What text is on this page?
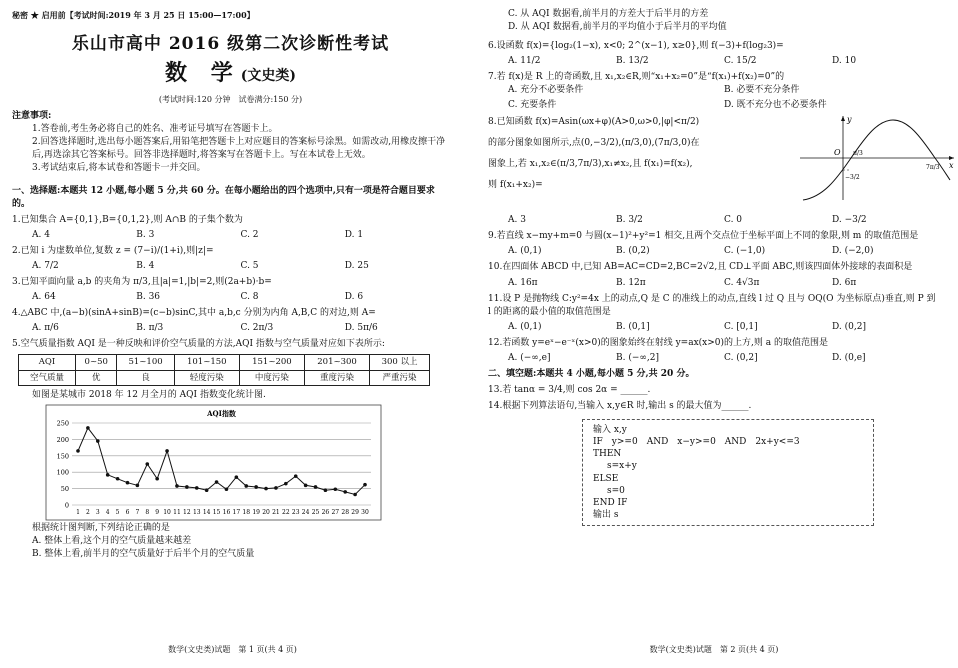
秘密 ★ 启用前【考试时间:2019 年 3 月 25 日 15:00—17:00】

乐山市高中 2016 级第二次诊断性考试
数 学(文史类)

(考试时间:120 分钟　试卷满分:150 分)

注意事项:

1.答卷前,考生务必将自己的姓名、准考证号填写在答题卡上。

2.回答选择题时,选出每小题答案后,用铅笔把答题卡上对应题目的答案标号涂黑。如需改动,用橡皮擦干净后,再选涂其它答案标号。回答非选择题时,将答案写在答题卡上。写在本试卷上无效。

3.考试结束后,将本试卷和答题卡一并交回。

一、选择题:本题共 12 小题,每小题 5 分,共 60 分。在每小题给出的四个选项中,只有一项是符合题目要求的。

1.已知集合 A={0,1},B={0,1,2},则 A∩B 的子集个数为

A. 4	B. 3	C. 2	D. 1

2.已知 i 为虚数单位,复数 z = (7−i)/(1+i),则|z|=

A. 7/2	B. 4	C. 5	D. 25

3.已知平面向量 a,b 的夹角为 π/3,且|a|=1,|b|=2,则(2a+b)·b=

A. 64	B. 36	C. 8	D. 6

4.△ABC 中,(a−b)(sinA+sinB)=(c−b)sinC,其中 a,b,c 分别为内角 A,B,C 的对边,则 A=

A. π/6	B. π/3	C. 2π/3	D. 5π/6

5.空气质量指数 AQI 是一种反映和评价空气质量的方法,AQI 指数与空气质量对应如下表所示:

AQI	0~50	51~100	101~150	151~200	201~300	300 以上
空气质量	优	良	轻度污染	中度污染	重度污染	严重污染

如图是某城市 2018 年 12 月全月的 AQI 指数变化统计图.

AQI指数
0
50
100
150
200
250
1 2 3 4 5 6 7 8 9 10 11 12 13 14 15 16 17 18 19 20 21 22 23 24 25 26 27 28 29 30

根据统计图判断,下列结论正确的是

A. 整体上看,这个月的空气质量越来越差

B. 整体上看,前半月的空气质量好于后半个月的空气质量

数学(文史类)试题　第 1 页(共 4 页)

C. 从 AQI 数据看,前半月的方差大于后半月的方差

D. 从 AQI 数据看,前半月的平均值小于后半月的平均值

6.设函数 f(x)={log₂(1−x), x<0; 2^(x−1), x≥0},则 f(−3)+f(log₂3)=

A. 11/2	B. 13/2	C. 15/2	D. 10

7.若 f(x)是 R 上的奇函数,且 x₁,x₂∈R,则“x₁+x₂=0”是“f(x₁)+f(x₂)=0”的

A. 充分不必要条件	B. 必要不充分条件
C. 充要条件	D. 既不充分也不必要条件

8.已知函数 f(x)=Asin(ωx+φ)(A>0,ω>0,|φ|<π/2)

的部分图象如图所示,点(0,−3/2),(π/3,0),(7π/3,0)在

图象上,若 x₁,x₂∈(π/3,7π/3),x₁≠x₂,且 f(x₁)=f(x₂),

则 f(x₁+x₂)=

y
x
O π/3
7π/3
−3/2
A. 3	B. 3/2	C. 0	D. −3/2

9.若直线 x−my+m=0 与圆(x−1)²+y²=1 相交,且两个交点位于坐标平面上不同的象限,则 m 的取值范围是

A. (0,1)	B. (0,2)	C. (−1,0)	D. (−2,0)

10.在四面体 ABCD 中,已知 AB=AC=CD=2,BC=2√2,且 CD⊥平面 ABC,则该四面体外接球的表面积是

A. 16π	B. 12π	C. 4√3π	D. 6π

11.设 P 是抛物线 C:y²=4x 上的动点,Q 是 C 的准线上的动点,直线 l 过 Q 且与 OQ(O 为坐标原点)垂直,则 P 到 l 的距离的最小值的取值范围是

A. (0,1)	B. (0,1]	C. [0,1]	D. (0,2]

12.若函数 y=eˣ−e⁻ˣ(x>0)的图象始终在射线 y=ax(x>0)的上方,则 a 的取值范围是

A. (−∞,e]	B. (−∞,2]	C. (0,2]	D. (0,e]

二、填空题:本题共 4 小题,每小题 5 分,共 20 分。

13.若 tanα = 3/4,则 cos 2α = ______.

14.根据下列算法语句,当输入 x,y∈R 时,输出 s 的最大值为______.

输入 x,y
IF　y>=0　AND　x−y>=0　AND　2x+y<=3
THEN
s=x+y
ELSE
s=0
END IF
输出 s
数学(文史类)试题　第 2 页(共 4 页)
